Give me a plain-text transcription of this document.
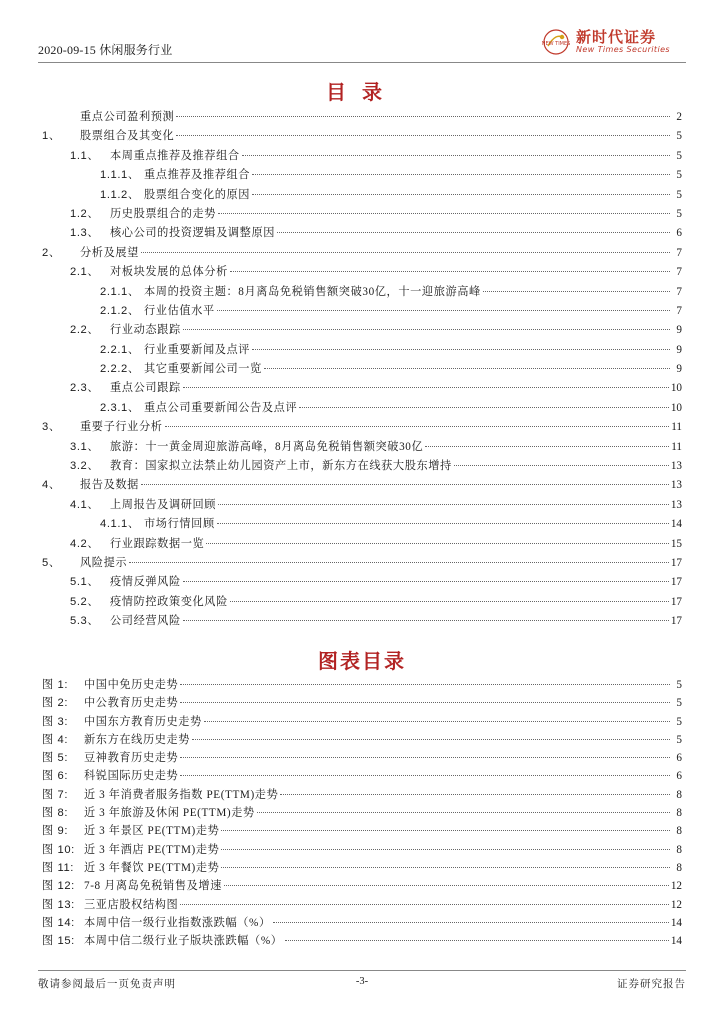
2020-09-15 休闲服务行业	NEW TIMES 新时代证券
New Times Securities
目录
重点公司盈利预测	2
1、 股票组合及其变化	5
1.1、 本周重点推荐及推荐组合	5
1.1.1、 重点推荐及推荐组合	5
1.1.2、 股票组合变化的原因	5
1.2、 历史股票组合的走势	5
1.3、 核心公司的投资逻辑及调整原因	6
2、 分析及展望	7
2.1、 对板块发展的总体分析	7
2.1.1、 本周的投资主题：8月离岛免税销售额突破30亿，十一迎旅游高峰	7
2.1.2、 行业估值水平	7
2.2、 行业动态跟踪	9
2.2.1、 行业重要新闻及点评	9
2.2.2、 其它重要新闻公司一览	9
2.3、 重点公司跟踪	10
2.3.1、 重点公司重要新闻公告及点评	10
3、 重要子行业分析	11
3.1、 旅游：十一黄金周迎旅游高峰，8月离岛免税销售额突破30亿	11
3.2、 教育：国家拟立法禁止幼儿园资产上市，新东方在线获大股东增持	13
4、 报告及数据	13
4.1、 上周报告及调研回顾	13
4.1.1、 市场行情回顾	14
4.2、 行业跟踪数据一览	15
5、 风险提示	17
5.1、 疫情反弹风险	17
5.2、 疫情防控政策变化风险	17
5.3、 公司经营风险	17
图表目录
图 1: 中国中免历史走势	5
图 2: 中公教育历史走势	5
图 3: 中国东方教育历史走势	5
图 4: 新东方在线历史走势	5
图 5: 豆神教育历史走势	6
图 6: 科锐国际历史走势	6
图 7: 近 3 年消费者服务指数 PE(TTM)走势	8
图 8: 近 3 年旅游及休闲 PE(TTM)走势	8
图 9: 近 3 年景区 PE(TTM)走势	8
图 10: 近 3 年酒店 PE(TTM)走势	8
图 11: 近 3 年餐饮 PE(TTM)走势	8
图 12: 7-8 月离岛免税销售及增速	12
图 13: 三亚店股权结构图	12
图 14: 本周中信一级行业指数涨跌幅（%）	14
图 15: 本周中信二级行业子版块涨跌幅（%）	14
敬请参阅最后一页免责声明	-3-	证券研究报告
